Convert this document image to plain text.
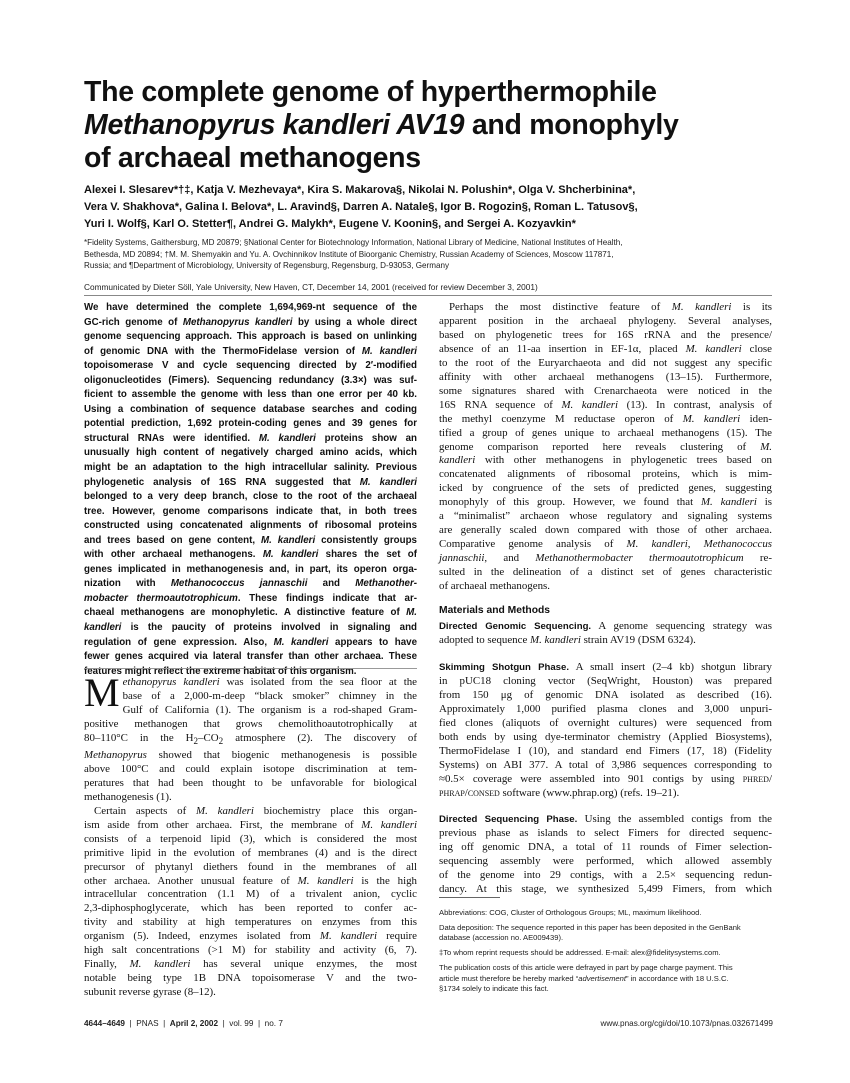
The complete genome of hyperthermophile
Methanopyrus kandleri AV19 and monophyly
of archaeal methanogens
Alexei I. Slesarev*†‡, Katja V. Mezhevaya*, Kira S. Makarova§, Nikolai N. Polushin*, Olga V. Shcherbinina*,
Vera V. Shakhova*, Galina I. Belova*, L. Aravind§, Darren A. Natale§, Igor B. Rogozin§, Roman L. Tatusov§,
Yuri I. Wolf§, Karl O. Stetter¶, Andrei G. Malykh*, Eugene V. Koonin§, and Sergei A. Kozyavkin*
*Fidelity Systems, Gaithersburg, MD 20879; §National Center for Biotechnology Information, National Library of Medicine, National Institutes of Health,
Bethesda, MD 20894; †M. M. Shemyakin and Yu. A. Ovchinnikov Institute of Bioorganic Chemistry, Russian Academy of Sciences, Moscow 117871,
Russia; and ¶Department of Microbiology, University of Regensburg, Regensburg, D-93053, Germany
Communicated by Dieter Söll, Yale University, New Haven, CT, December 14, 2001 (received for review December 3, 2001)
We have determined the complete 1,694,969-nt sequence of the
GC-rich genome of Methanopyrus kandleri by using a whole direct
genome sequencing approach. This approach is based on unlinking
of genomic DNA with the ThermoFidelase version of M. kandleri
topoisomerase V and cycle sequencing directed by 2′-modified
oligonucleotides (Fimers). Sequencing redundancy (3.3×) was suf-
ficient to assemble the genome with less than one error per 40 kb.
Using a combination of sequence database searches and coding
potential prediction, 1,692 protein-coding genes and 39 genes for
structural RNAs were identified. M. kandleri proteins show an
unusually high content of negatively charged amino acids, which
might be an adaptation to the high intracellular salinity. Previous
phylogenetic analysis of 16S RNA suggested that M. kandleri
belonged to a very deep branch, close to the root of the archaeal
tree. However, genome comparisons indicate that, in both trees
constructed using concatenated alignments of ribosomal proteins
and trees based on gene content, M. kandleri consistently groups
with other archaeal methanogens. M. kandleri shares the set of
genes implicated in methanogenesis and, in part, its operon orga-
nization with Methanococcus jannaschii and Methanother-
mobacter thermoautotrophicum. These findings indicate that ar-
chaeal methanogens are monophyletic. A distinctive feature of M.
kandleri is the paucity of proteins involved in signaling and
regulation of gene expression. Also, M. kandleri appears to have
fewer genes acquired via lateral transfer than other archaea. These
features might reflect the extreme habitat of this organism.
M ethanopyrus kandleri was isolated from the sea floor at the
base of a 2,000-m-deep “black smoker” chimney in the
Gulf of California (1). The organism is a rod-shaped Gram-
positive methanogen that grows chemolithoautotrophically at
80–110°C in the $H_2-CO_2$ atmosphere (2). The discovery of
Methanopyrus showed that biogenic methanogenesis is possible
above 100°C and could explain isotope discrimination at tem-
peratures that had been thought to be unfavorable for biological
methanogenesis (1).
Certain aspects of M. kandleri biochemistry place this organ-
ism aside from other archaea. First, the membrane of M. kandleri
consists of a terpenoid lipid (3), which is considered the most
primitive lipid in the evolution of membranes (4) and is the direct
precursor of phytanyl diethers found in the membranes of all
other archaea. Another unusual feature of M. kandleri is the high
intracellular concentration (1.1 M) of a trivalent anion, cyclic
2,3-diphosphoglycerate, which has been reported to confer ac-
tivity and stability at high temperatures on enzymes from this
organism (5). Indeed, enzymes isolated from M. kandleri require
high salt concentrations (>1 M) for stability and activity (6, 7).
Finally, M. kandleri has several unique enzymes, the most
notable being type 1B DNA topoisomerase V and the two-
subunit reverse gyrase (8–12).
Perhaps the most distinctive feature of M. kandleri is its
apparent position in the archaeal phylogeny. Several analyses,
based on phylogenetic trees for 16S rRNA and the presence/
absence of an 11-aa insertion in EF-1α, placed M. kandleri close
to the root of the Euryarchaeota and did not suggest any specific
affinity with other archaeal methanogens (13–15). Furthermore,
some signatures shared with Crenarchaeota were noticed in the
16S RNA sequence of M. kandleri (13). In contrast, analysis of
the methyl coenzyme M reductase operon of M. kandleri iden-
tified a group of genes unique to archaeal methanogens (15). The
genome comparison reported here reveals clustering of M.
kandleri with other methanogens in phylogenetic trees based on
concatenated alignments of ribosomal proteins, which is mim-
icked by congruence of the sets of predicted genes, suggesting
monophyly of this group. However, we found that M. kandleri is
a “minimalist” archaeon whose regulatory and signaling systems
are generally scaled down compared with those of other archaea.
Comparative genome analysis of M. kandleri, Methanococcus
jannaschii, and Methanothermobacter thermoautotrophicum re-
sulted in the delineation of a distinct set of genes characteristic
of archaeal methanogens.
Materials and Methods
Directed Genomic Sequencing. A genome sequencing strategy was
adopted to sequence M. kandleri strain AV19 (DSM 6324).
Skimming Shotgun Phase. A small insert (2–4 kb) shotgun library
in pUC18 cloning vector (SeqWright, Houston) was prepared
from 150 μg of genomic DNA isolated as described (16).
Approximately 1,000 purified plasma clones and 3,000 unpuri-
fied clones (aliquots of overnight cultures) were sequenced from
both ends by using dye-terminator chemistry (Applied Biosystems),
ThermoFidelase I (10), and standard end Fimers (17, 18) (Fidelity
Systems) on ABI 377. A total of 3,986 sequences corresponding to
≈0.5× coverage were assembled into 901 contigs by using phred/
phrap/consed software (www.phrap.org) (refs. 19–21).
Directed Sequencing Phase. Using the assembled contigs from the
previous phase as islands to select Fimers for directed sequenc-
ing off genomic DNA, a total of 11 rounds of Fimer selection-
sequencing assembly were performed, which allowed assembly
of the genome into 29 contigs, with a 2.5× sequencing redun-
dancy. At this stage, we synthesized 5,499 Fimers, from which

Abbreviations: COG, Cluster of Orthologous Groups; ML, maximum likelihood.

Data deposition: The sequence reported in this paper has been deposited in the GenBank
database (accession no. AE009439).

‡To whom reprint requests should be addressed. E-mail: alex@fidelitysystems.com.

The publication costs of this article were defrayed in part by page charge payment. This
article must therefore be hereby marked “advertisement” in accordance with 18 U.S.C.
§1734 solely to indicate this fact.

4644–4649  |  PNAS  |  April 2, 2002  |  vol. 99  |  no. 7	www.pnas.org/cgi/doi/10.1073/pnas.032671499
